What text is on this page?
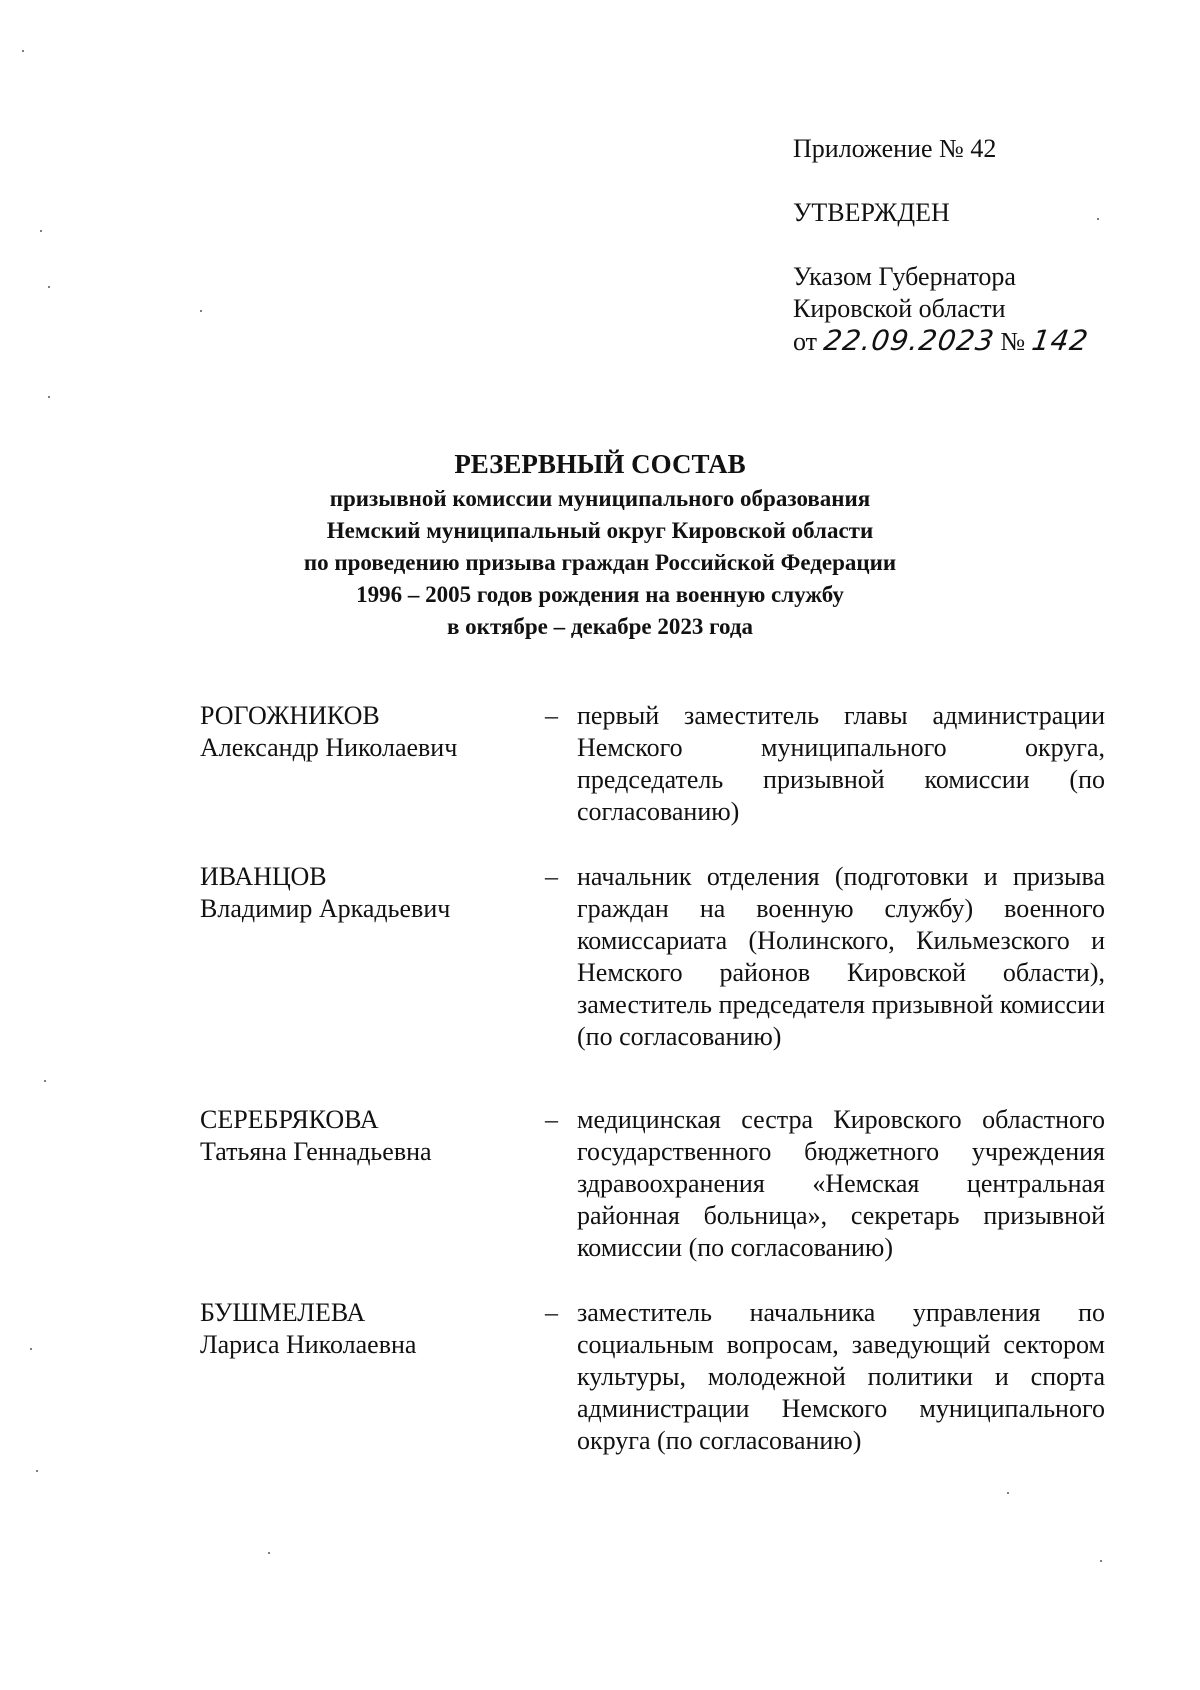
Приложение № 42
УТВЕРЖДЕН
Указом Губернатора
Кировской области
от 22.09.2023 № 142
РЕЗЕРВНЫЙ СОСТАВ
призывной комиссии муниципального образования
Немский муниципальный округ Кировской области
по проведению призыва граждан Российской Федерации
1996 – 2005 годов рождения на военную службу
в октябре – декабре 2023 года
РОГОЖНИКОВ
Александр Николаевич
– первый заместитель главы администрации Немского муниципального округа, председатель призывной комиссии (по согласованию)
ИВАНЦОВ
Владимир Аркадьевич
– начальник отделения (подготовки и призыва граждан на военную службу) военного комиссариата (Нолинского, Кильмезского и Немского районов Кировской области), заместитель председателя призывной комиссии (по согласованию)
СЕРЕБРЯКОВА
Татьяна Геннадьевна
– медицинская сестра Кировского областного государственного бюджетного учреждения здравоохранения «Немская центральная районная больница», секретарь призывной комиссии (по согласованию)
БУШМЕЛЕВА
Лариса Николаевна
– заместитель начальника управления по социальным вопросам, заведующий сектором культуры, молодежной политики и спорта администрации Немского муниципального округа (по согласованию)
